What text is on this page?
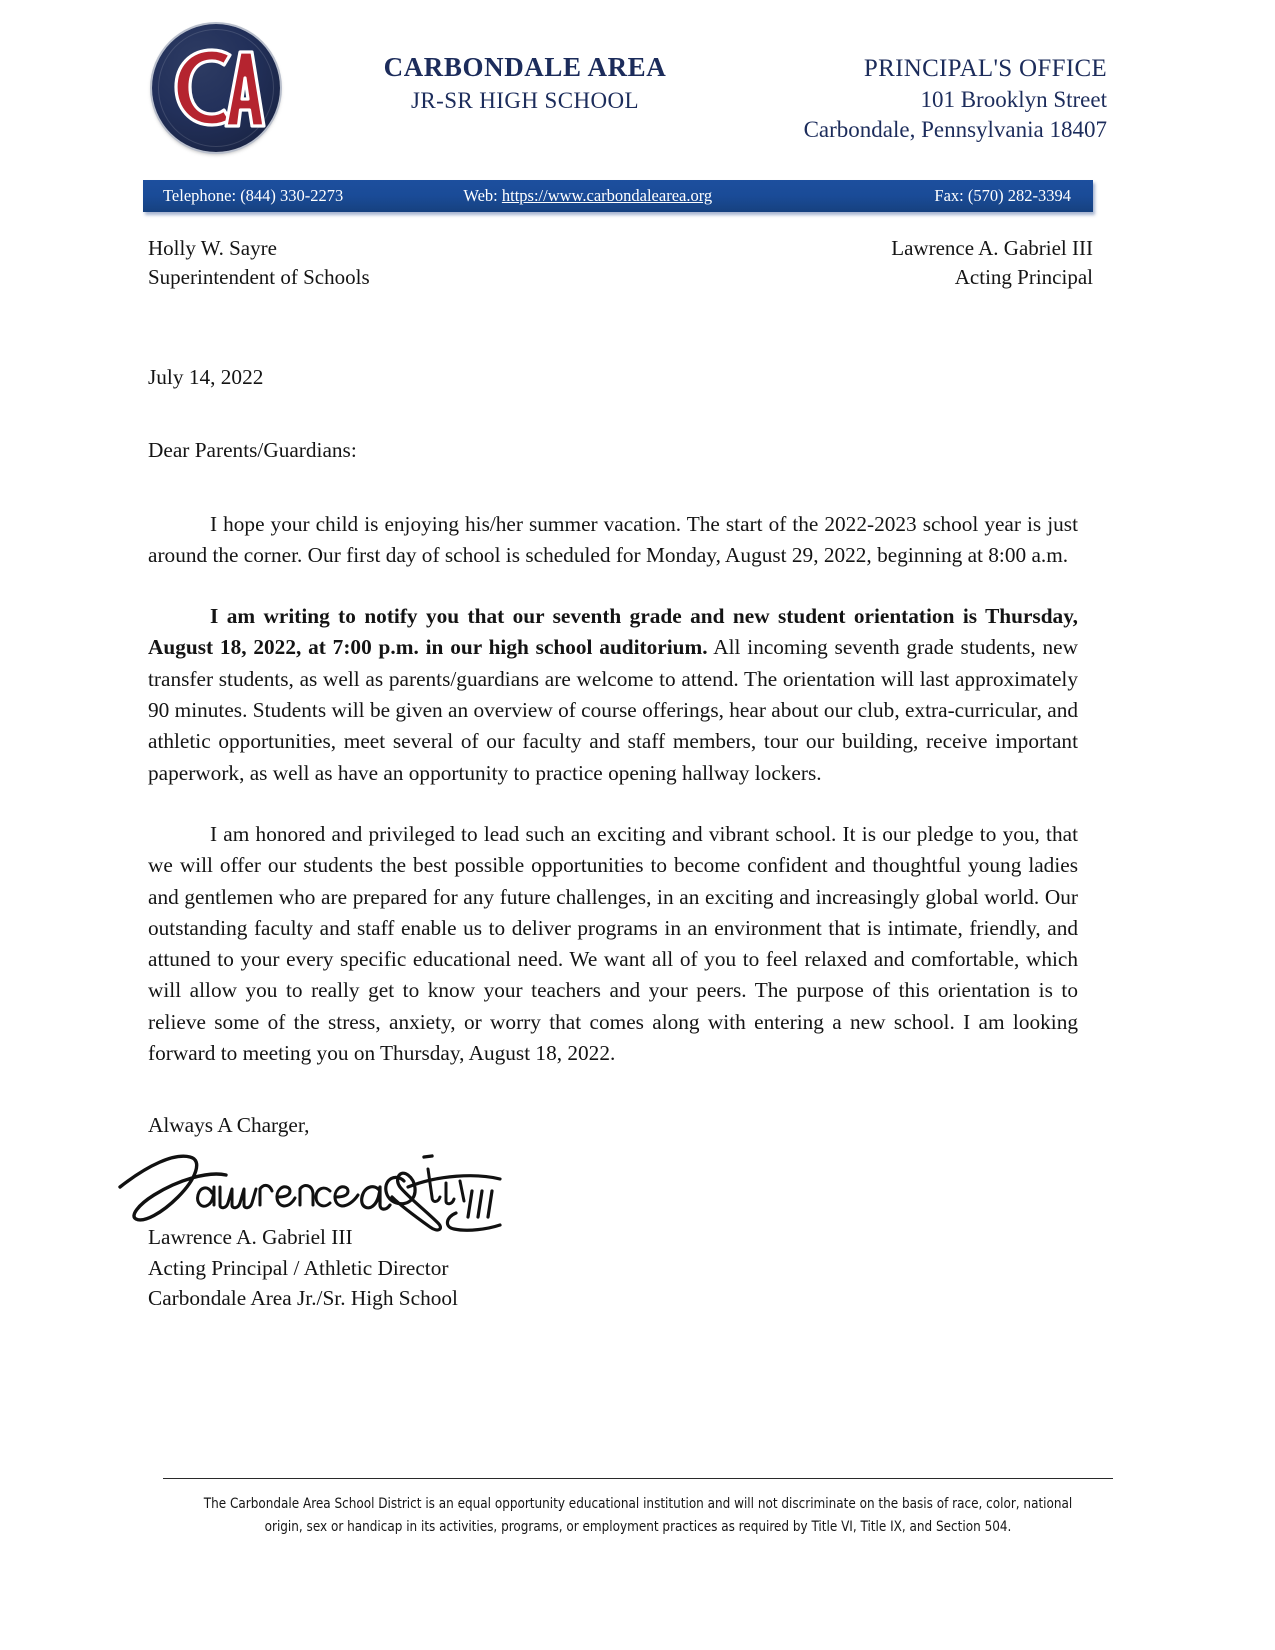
CARBONDALE AREA
JR-SR HIGH SCHOOL
PRINCIPAL'S OFFICE
101 Brooklyn Street
Carbondale, Pennsylvania 18407
Telephone: (844) 330-2273	Web: https://www.carbondalearea.org	Fax: (570) 282-3394
Holly W. Sayre
Superintendent of Schools
Lawrence A. Gabriel III
Acting Principal
July 14, 2022
Dear Parents/Guardians:

I hope your child is enjoying his/her summer vacation. The start of the 2022-2023 school year is just around the corner. Our first day of school is scheduled for Monday, August 29, 2022, beginning at 8:00 a.m.

I am writing to notify you that our seventh grade and new student orientation is Thursday, August 18, 2022, at 7:00 p.m. in our high school auditorium. All incoming seventh grade students, new transfer students, as well as parents/guardians are welcome to attend. The orientation will last approximately 90 minutes. Students will be given an overview of course offerings, hear about our club, extra-curricular, and athletic opportunities, meet several of our faculty and staff members, tour our building, receive important paperwork, as well as have an opportunity to practice opening hallway lockers.

I am honored and privileged to lead such an exciting and vibrant school. It is our pledge to you, that we will offer our students the best possible opportunities to become confident and thoughtful young ladies and gentlemen who are prepared for any future challenges, in an exciting and increasingly global world. Our outstanding faculty and staff enable us to deliver programs in an environment that is intimate, friendly, and attuned to your every specific educational need. We want all of you to feel relaxed and comfortable, which will allow you to really get to know your teachers and your peers. The purpose of this orientation is to relieve some of the stress, anxiety, or worry that comes along with entering a new school. I am looking forward to meeting you on Thursday, August 18, 2022.

Always A Charger,
Lawrence A. Gabriel III
Acting Principal / Athletic Director
Carbondale Area Jr./Sr. High School
The Carbondale Area School District is an equal opportunity educational institution and will not discriminate on the basis of race, color, national
origin, sex or handicap in its activities, programs, or employment practices as required by Title VI, Title IX, and Section 504.
